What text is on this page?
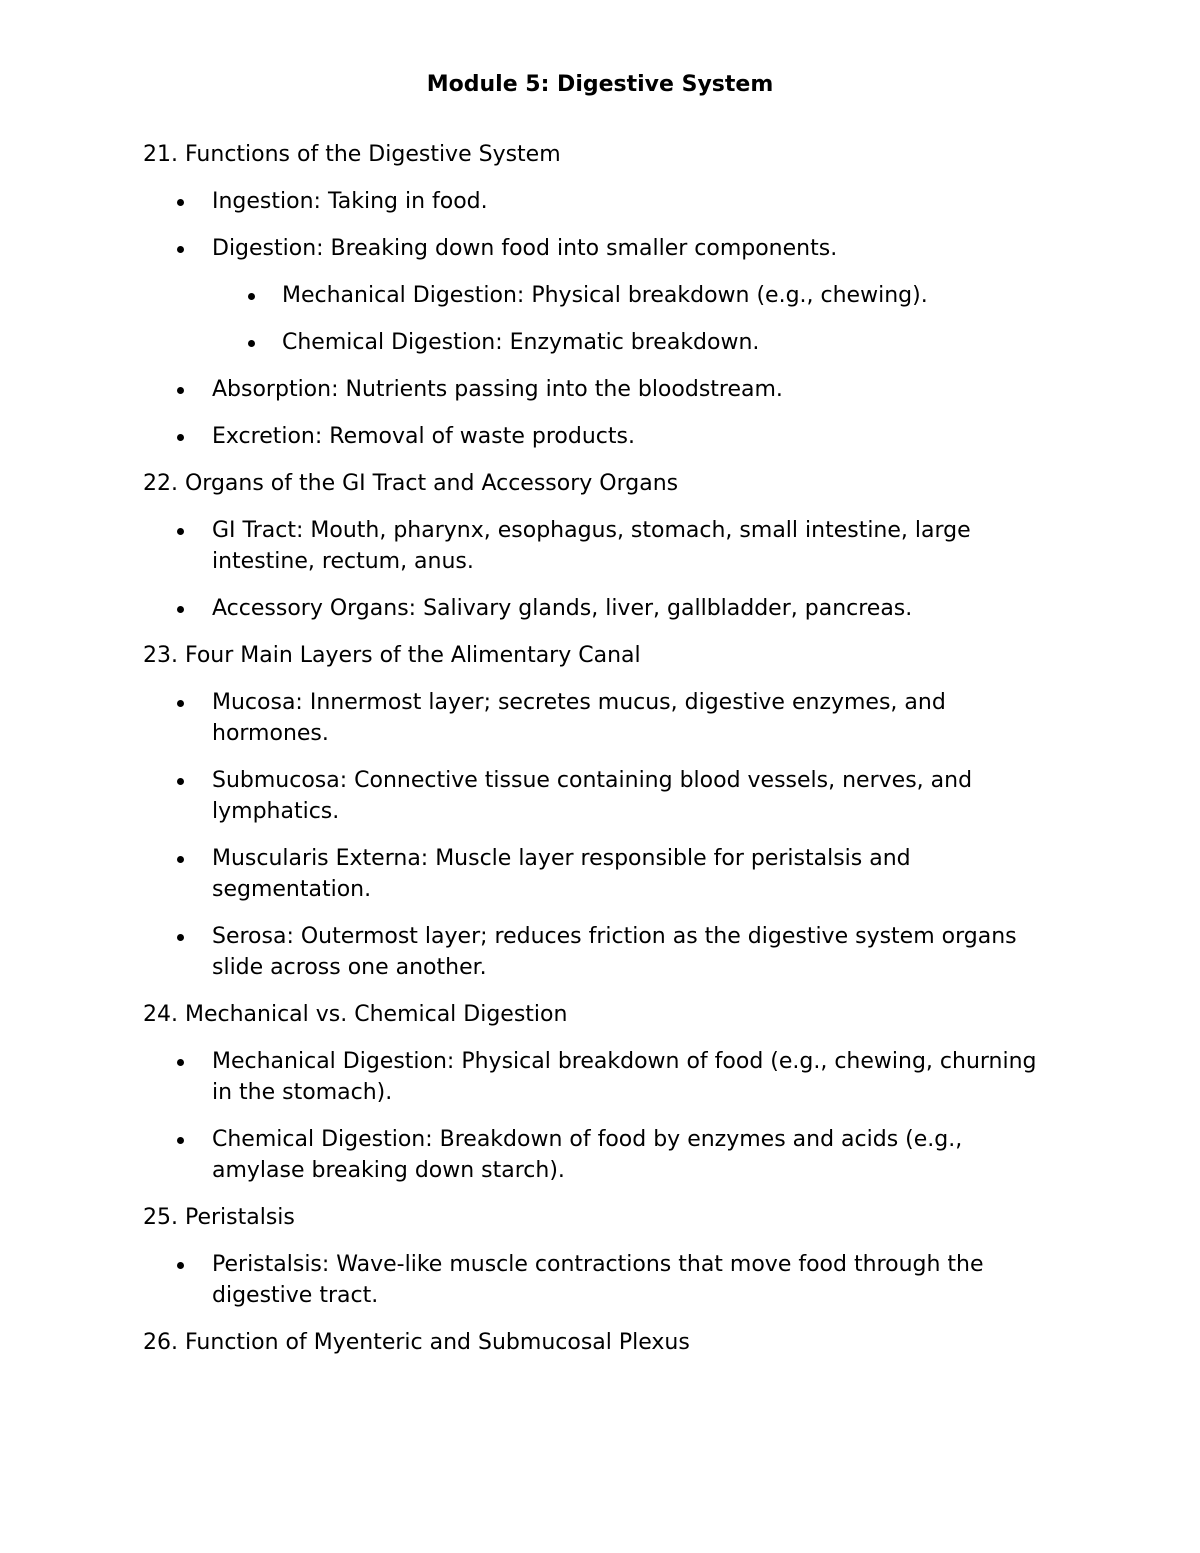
Module 5: Digestive System
21. Functions of the Digestive System
Ingestion: Taking in food.
Digestion: Breaking down food into smaller components.
Mechanical Digestion: Physical breakdown (e.g., chewing).
Chemical Digestion: Enzymatic breakdown.
Absorption: Nutrients passing into the bloodstream.
Excretion: Removal of waste products.
22. Organs of the GI Tract and Accessory Organs
GI Tract: Mouth, pharynx, esophagus, stomach, small intestine, large intestine, rectum, anus.
Accessory Organs: Salivary glands, liver, gallbladder, pancreas.
23. Four Main Layers of the Alimentary Canal
Mucosa: Innermost layer; secretes mucus, digestive enzymes, and hormones.
Submucosa: Connective tissue containing blood vessels, nerves, and lymphatics.
Muscularis Externa: Muscle layer responsible for peristalsis and segmentation.
Serosa: Outermost layer; reduces friction as the digestive system organs slide across one another.
24. Mechanical vs. Chemical Digestion
Mechanical Digestion: Physical breakdown of food (e.g., chewing, churning in the stomach).
Chemical Digestion: Breakdown of food by enzymes and acids (e.g., amylase breaking down starch).
25. Peristalsis
Peristalsis: Wave-like muscle contractions that move food through the digestive tract.
26. Function of Myenteric and Submucosal Plexus
